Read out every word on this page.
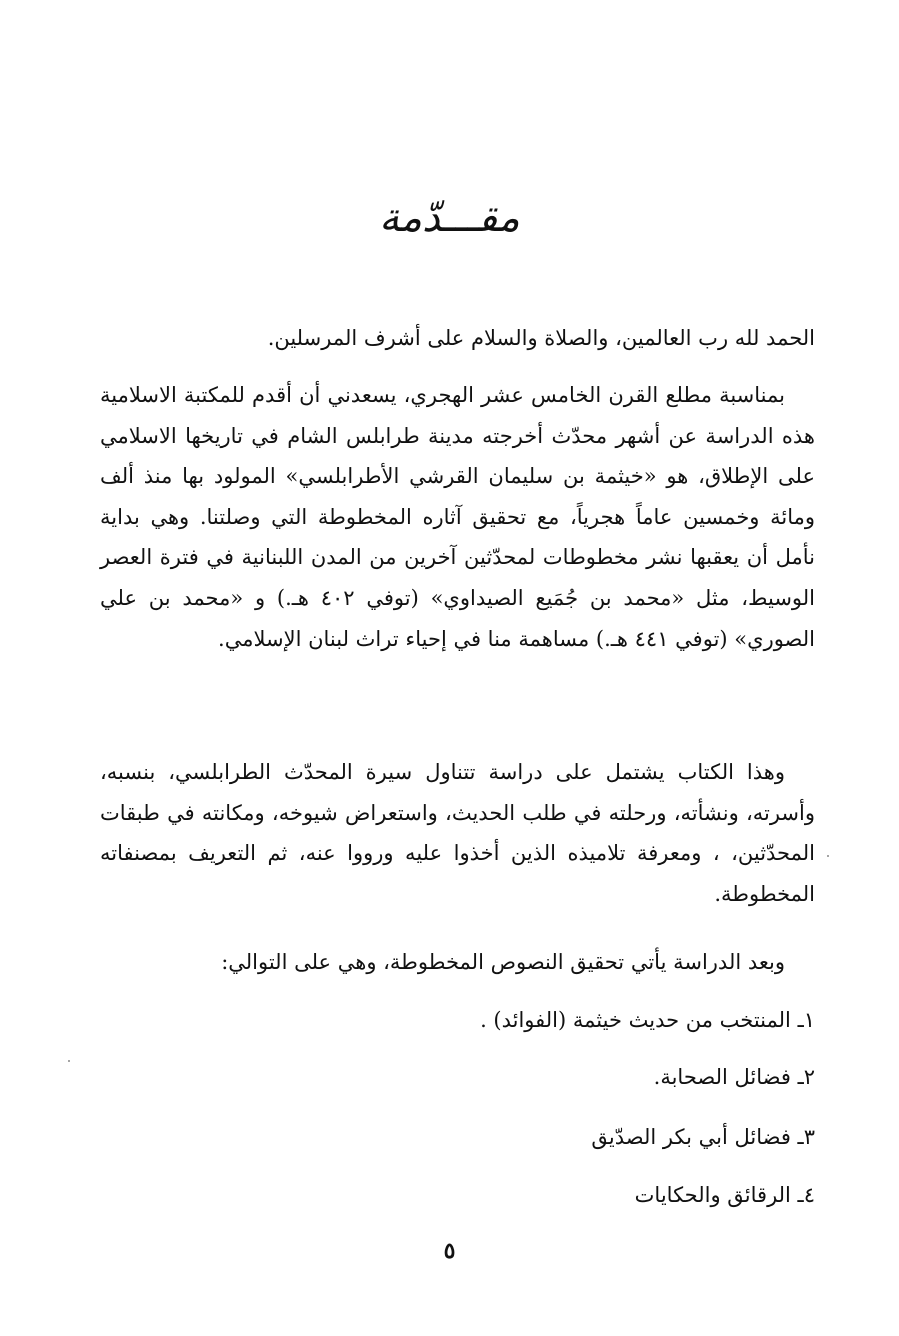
مقـــدّمة
الحمد لله رب العالمين، والصلاة والسلام على أشرف المرسلين.
بمناسبة مطلع القرن الخامس عشر الهجري، يسعدني أن أقدم للمكتبة الاسلامية هذه الدراسة عن أشهر محدّث أخرجته مدينة طرابلس الشام في تاريخها الاسلامي على الإطلاق، هو «خيثمة بن سليمان القرشي الأطرابلسي» المولود بها منذ ألف ومائة وخمسين عاماً هجرياً، مع تحقيق آثاره المخطوطة التي وصلتنا. وهي بداية نأمل أن يعقبها نشر مخطوطات لمحدّثين آخرين من المدن اللبنانية في فترة العصر الوسيط، مثل «محمد بن جُمَيع الصيداوي» (توفي ٤٠٢ هـ.) و «محمد بن علي الصوري» (توفي ٤٤١ هـ.) مساهمة منا في إحياء تراث لبنان الإسلامي.
وهذا الكتاب يشتمل على دراسة تتناول سيرة المحدّث الطرابلسي، بنسبه، وأسرته، ونشأته، ورحلته في طلب الحديث، واستعراض شيوخه، ومكانته في طبقات المحدّثين، ، ومعرفة تلاميذه الذين أخذوا عليه ورووا عنه، ثم التعريف بمصنفاته المخطوطة.
وبعد الدراسة يأتي تحقيق النصوص المخطوطة، وهي على التوالي:
١ـ المنتخب من حديث خيثمة (الفوائد) .
٢ـ فضائل الصحابة.
٣ـ فضائل أبي بكر الصدّيق
٤ـ الرقائق والحكايات
٥
